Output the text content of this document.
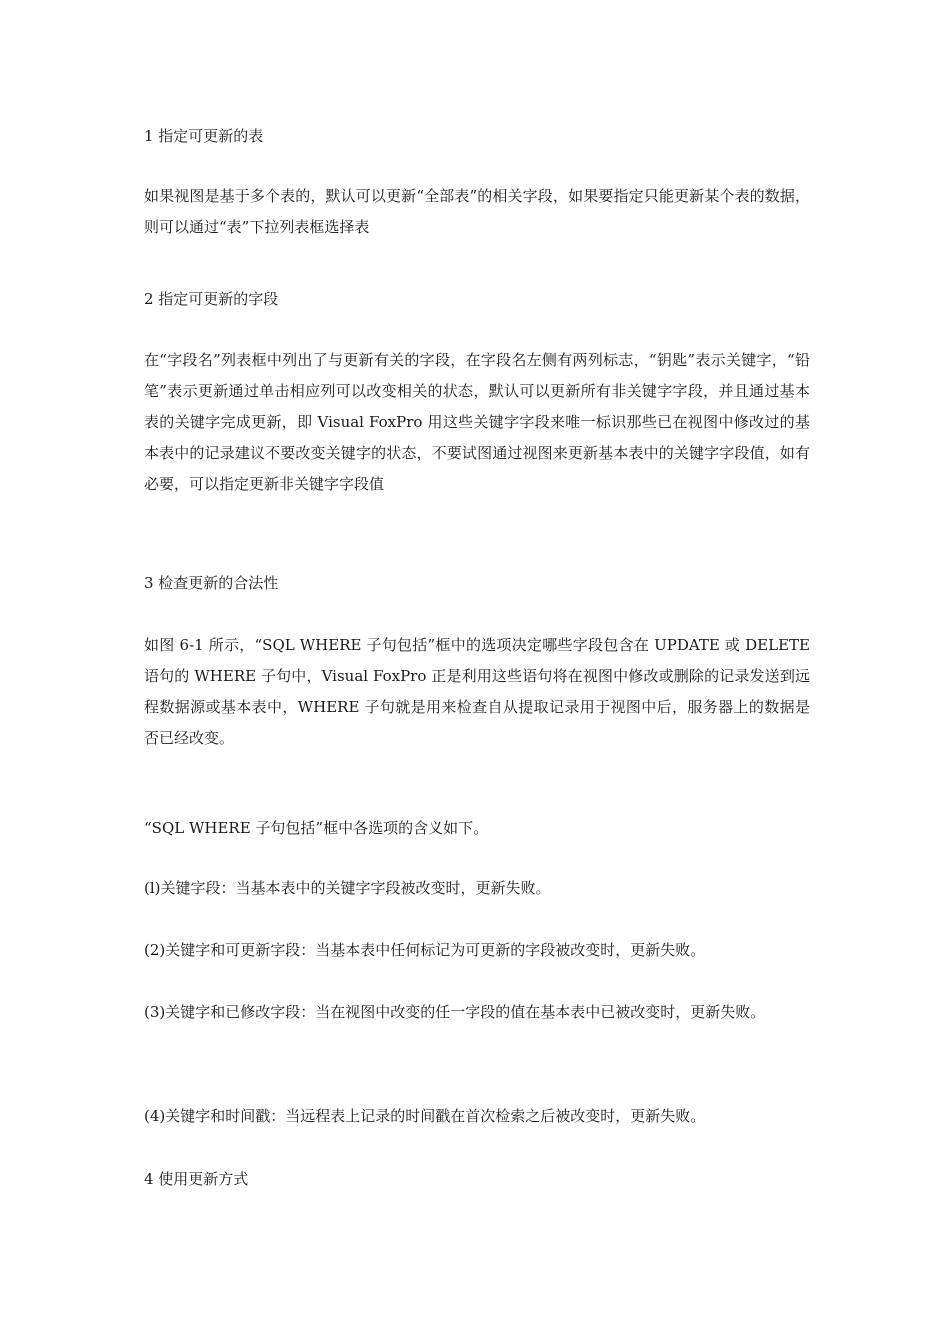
1 指定可更新的表

如果视图是基于多个表的，默认可以更新“全部表”的相关字段，如果要指定只能更新某个表的数据，则可以通过“表”下拉列表框选择表

2 指定可更新的字段

在“字段名”列表框中列出了与更新有关的字段，在字段名左侧有两列标志，“钥匙”表示关键字，“铅笔”表示更新通过单击相应列可以改变相关的状态，默认可以更新所有非关键字字段，并且通过基本表的关键字完成更新，即 Visual FoxPro 用这些关键字字段来唯一标识那些已在视图中修改过的基本表中的记录建议不要改变关键字的状态，不要试图通过视图来更新基本表中的关键字字段值，如有必要，可以指定更新非关键字字段值

3 检查更新的合法性

如图 6-1 所示，“SQL WHERE 子句包括”框中的选项决定哪些字段包含在 UPDATE 或 DELETE 语句的 WHERE 子句中，Visual FoxPro 正是利用这些语句将在视图中修改或删除的记录发送到远程数据源或基本表中，WHERE 子句就是用来检查自从提取记录用于视图中后，服务器上的数据是否已经改变。

“SQL WHERE 子句包括”框中各选项的含义如下。

(l)关键字段：当基本表中的关键字字段被改变时，更新失败。

(2)关键字和可更新字段：当基本表中任何标记为可更新的字段被改变时，更新失败。

(3)关键字和已修改字段：当在视图中改变的任一字段的值在基本表中已被改变时，更新失败。

(4)关键字和时间戳：当远程表上记录的时间戳在首次检索之后被改变时，更新失败。

4 使用更新方式
